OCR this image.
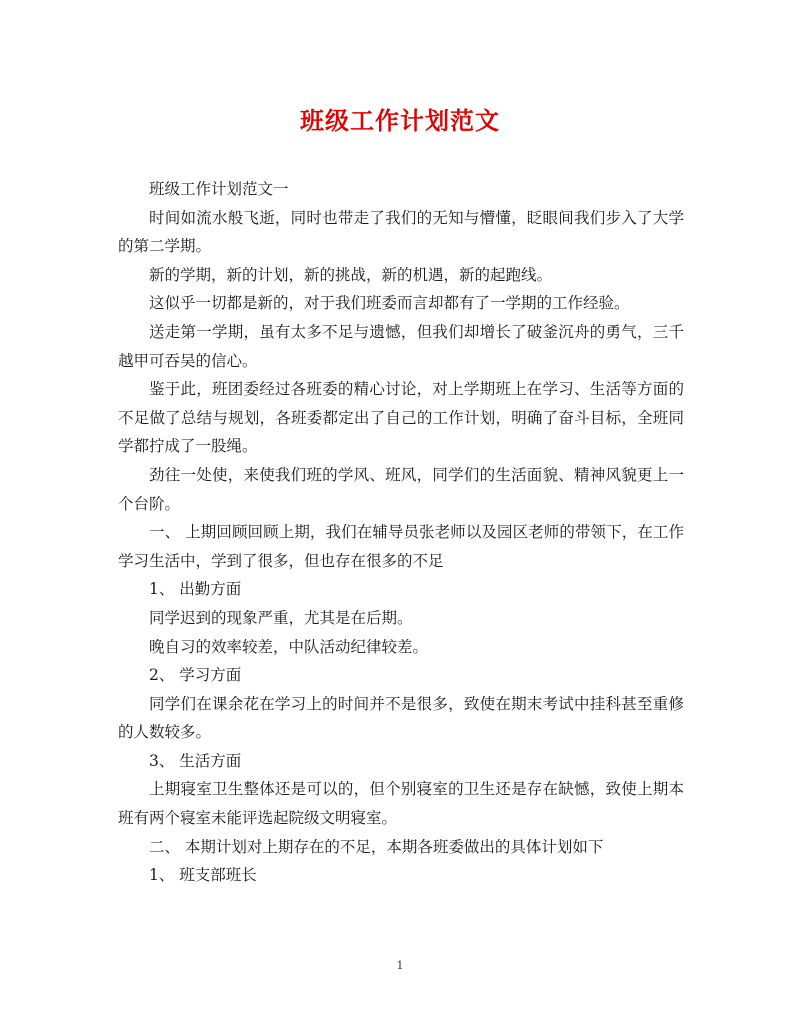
班级工作计划范文

班级工作计划范文一

时间如流水般飞逝，同时也带走了我们的无知与懵懂，眨眼间我们步入了大学的第二学期。

新的学期，新的计划，新的挑战，新的机遇，新的起跑线。

这似乎一切都是新的，对于我们班委而言却都有了一学期的工作经验。

送走第一学期，虽有太多不足与遗憾，但我们却增长了破釜沉舟的勇气，三千越甲可吞吴的信心。

鉴于此，班团委经过各班委的精心讨论，对上学期班上在学习、生活等方面的不足做了总结与规划，各班委都定出了自己的工作计划，明确了奋斗目标，全班同学都拧成了一股绳。

劲往一处使，来使我们班的学风、班风，同学们的生活面貌、精神风貌更上一个台阶。

一、 上期回顾回顾上期，我们在辅导员张老师以及园区老师的带领下，在工作学习生活中，学到了很多，但也存在很多的不足

1、 出勤方面

同学迟到的现象严重，尤其是在后期。

晚自习的效率较差，中队活动纪律较差。

2、 学习方面

同学们在课余花在学习上的时间并不是很多，致使在期末考试中挂科甚至重修的人数较多。

3、 生活方面

上期寝室卫生整体还是可以的，但个别寝室的卫生还是存在缺憾，致使上期本班有两个寝室未能评选起院级文明寝室。

二、 本期计划对上期存在的不足，本期各班委做出的具体计划如下

1、 班支部班长

1
